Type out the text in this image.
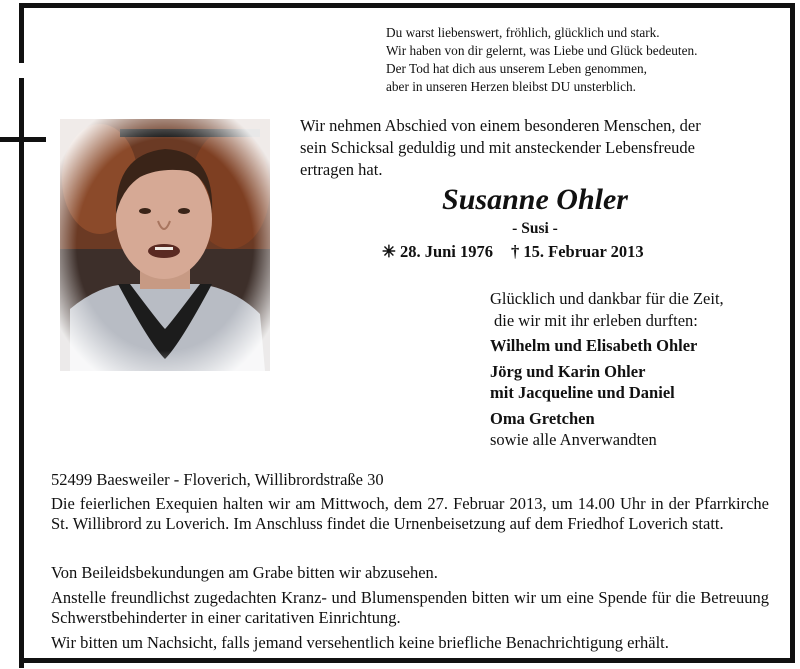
Du warst liebenswert, fröhlich, glücklich und stark.
Wir haben von dir gelernt, was Liebe und Glück bedeuten.
Der Tod hat dich aus unserem Leben genommen,
aber in unseren Herzen bleibst DU unsterblich.
Wir nehmen Abschied von einem besonderen Menschen, der
sein Schicksal geduldig und mit ansteckender Lebensfreude
ertragen hat.
Susanne Ohler
- Susi -
✳ 28. Juni 1976 † 15. Februar 2013
Glücklich und dankbar für die Zeit,
die wir mit ihr erleben durften:
Wilhelm und Elisabeth Ohler
Jörg und Karin Ohler
mit Jacqueline und Daniel
Oma Gretchen
sowie alle Anverwandten
52499 Baesweiler - Floverich, Willibrordstraße 30
Die feierlichen Exequien halten wir am Mittwoch, dem 27. Februar 2013, um 14.00 Uhr in der Pfarrkirche St. Willibrord zu Loverich. Im Anschluss findet die Urnenbeisetzung auf dem Friedhof Loverich statt.
Von Beileidsbekundungen am Grabe bitten wir abzusehen.
Anstelle freundlichst zugedachten Kranz- und Blumenspenden bitten wir um eine Spende für die Betreuung Schwerstbehinderter in einer caritativen Einrichtung.
Wir bitten um Nachsicht, falls jemand versehentlich keine briefliche Benachrichtigung erhält.
